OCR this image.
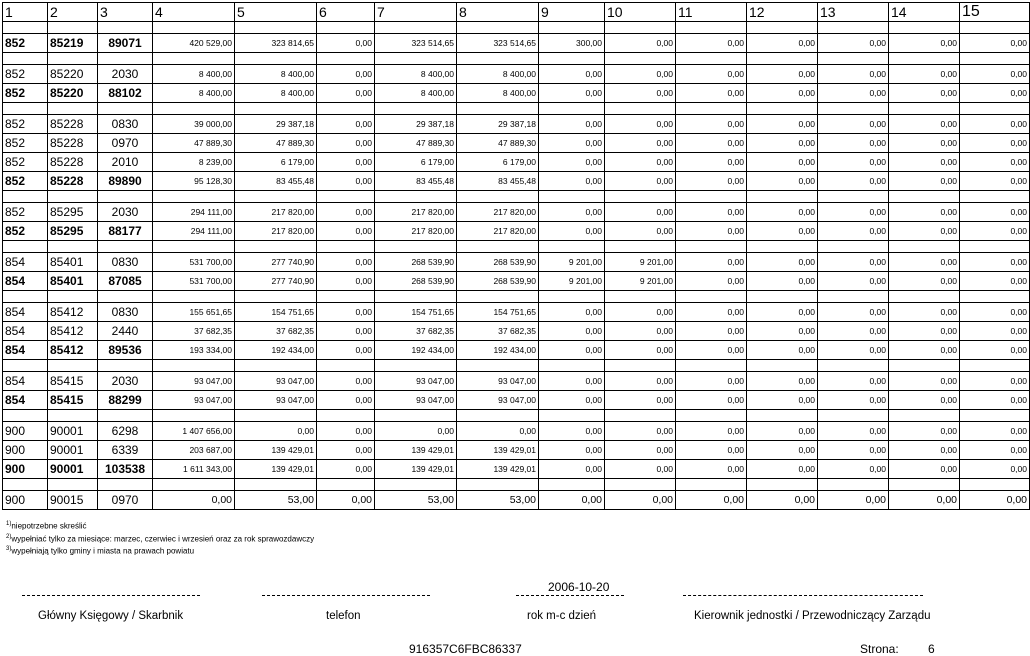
1	2	3	4	5	6	7	8	9	10	11	12	13	14	15

852	85219	89071	420 529,00	323 814,65	0,00	323 514,65	323 514,65	300,00	0,00	0,00	0,00	0,00	0,00	0,00

852	85220	2030	8 400,00	8 400,00	0,00	8 400,00	8 400,00	0,00	0,00	0,00	0,00	0,00	0,00	0,00
852	85220	88102	8 400,00	8 400,00	0,00	8 400,00	8 400,00	0,00	0,00	0,00	0,00	0,00	0,00	0,00

852	85228	0830	39 000,00	29 387,18	0,00	29 387,18	29 387,18	0,00	0,00	0,00	0,00	0,00	0,00	0,00
852	85228	0970	47 889,30	47 889,30	0,00	47 889,30	47 889,30	0,00	0,00	0,00	0,00	0,00	0,00	0,00
852	85228	2010	8 239,00	6 179,00	0,00	6 179,00	6 179,00	0,00	0,00	0,00	0,00	0,00	0,00	0,00
852	85228	89890	95 128,30	83 455,48	0,00	83 455,48	83 455,48	0,00	0,00	0,00	0,00	0,00	0,00	0,00

852	85295	2030	294 111,00	217 820,00	0,00	217 820,00	217 820,00	0,00	0,00	0,00	0,00	0,00	0,00	0,00
852	85295	88177	294 111,00	217 820,00	0,00	217 820,00	217 820,00	0,00	0,00	0,00	0,00	0,00	0,00	0,00

854	85401	0830	531 700,00	277 740,90	0,00	268 539,90	268 539,90	9 201,00	9 201,00	0,00	0,00	0,00	0,00	0,00
854	85401	87085	531 700,00	277 740,90	0,00	268 539,90	268 539,90	9 201,00	9 201,00	0,00	0,00	0,00	0,00	0,00

854	85412	0830	155 651,65	154 751,65	0,00	154 751,65	154 751,65	0,00	0,00	0,00	0,00	0,00	0,00	0,00
854	85412	2440	37 682,35	37 682,35	0,00	37 682,35	37 682,35	0,00	0,00	0,00	0,00	0,00	0,00	0,00
854	85412	89536	193 334,00	192 434,00	0,00	192 434,00	192 434,00	0,00	0,00	0,00	0,00	0,00	0,00	0,00

854	85415	2030	93 047,00	93 047,00	0,00	93 047,00	93 047,00	0,00	0,00	0,00	0,00	0,00	0,00	0,00
854	85415	88299	93 047,00	93 047,00	0,00	93 047,00	93 047,00	0,00	0,00	0,00	0,00	0,00	0,00	0,00

900	90001	6298	1 407 656,00	0,00	0,00	0,00	0,00	0,00	0,00	0,00	0,00	0,00	0,00	0,00
900	90001	6339	203 687,00	139 429,01	0,00	139 429,01	139 429,01	0,00	0,00	0,00	0,00	0,00	0,00	0,00
900	90001	103538	1 611 343,00	139 429,01	0,00	139 429,01	139 429,01	0,00	0,00	0,00	0,00	0,00	0,00	0,00

900	90015	0970	0,00	53,00	0,00	53,00	53,00	0,00	0,00	0,00	0,00	0,00	0,00	0,00
$^{1)}$niepotrzebne skreślić
$^{2)}$wypełniać tylko za miesiące: marzec, czerwiec i wrzesień oraz za rok sprawozdawczy
$^{3)}$wypełniają tylko gminy i miasta na prawach powiatu
2006-10-20
Główny Księgowy / Skarbnik	telefon	rok m-c dzień	Kierownik jednostki / Przewodniczący Zarządu
916357C6FBC86337	Strona: 6
